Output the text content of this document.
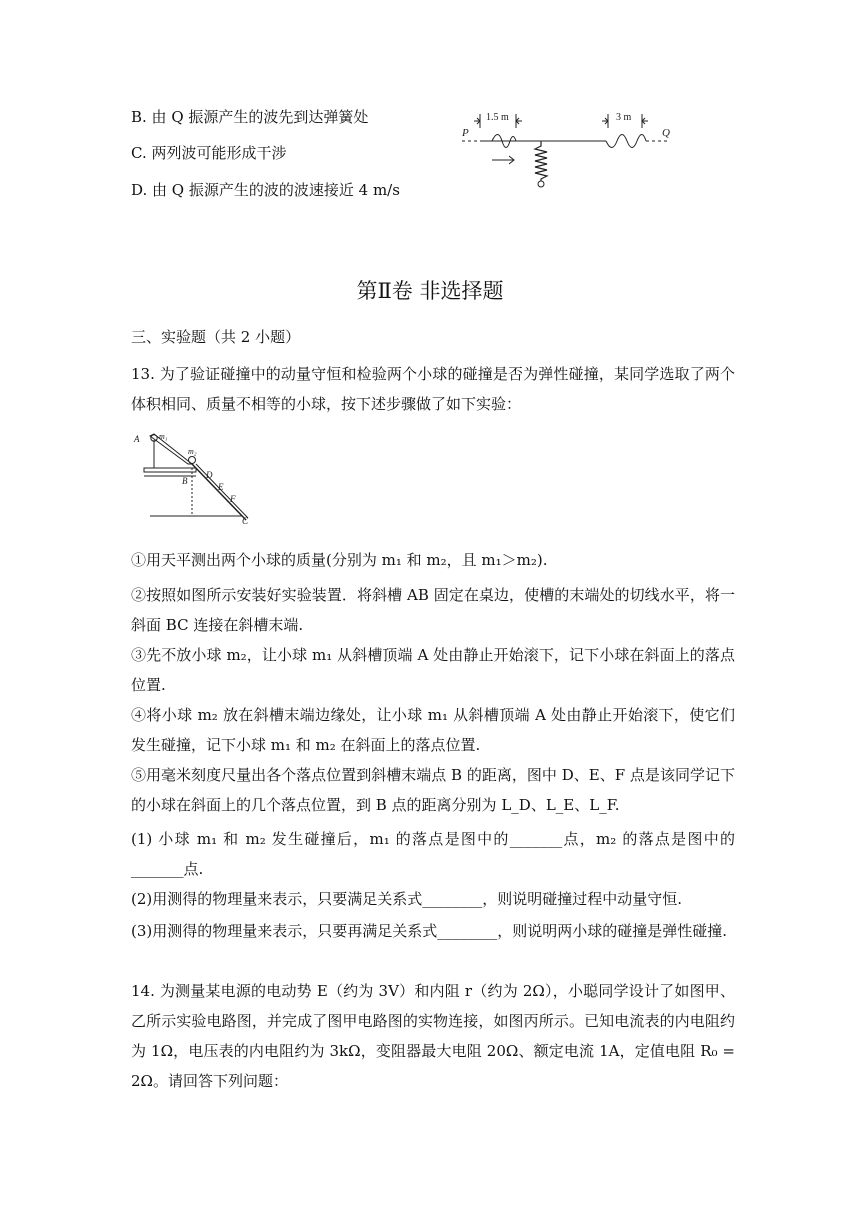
B. 由 Q 振源产生的波先到达弹簧处
C. 两列波可能形成干涉
D. 由 Q 振源产生的波的波速接近 4 m/s
1.5 m	3 m
P	Q
第Ⅱ卷 非选择题
三、实验题（共 2 小题）
13. 为了验证碰撞中的动量守恒和检验两个小球的碰撞是否为弹性碰撞，某同学选取了两个体积相同、质量不相等的小球，按下述步骤做了如下实验：
A m₁
m₂
B
D
E
F
C
①用天平测出两个小球的质量(分别为 m₁ 和 m₂，且 m₁＞m₂).
②按照如图所示安装好实验装置．将斜槽 AB 固定在桌边，使槽的末端处的切线水平，将一斜面 BC 连接在斜槽末端.
③先不放小球 m₂，让小球 m₁ 从斜槽顶端 A 处由静止开始滚下，记下小球在斜面上的落点位置.
④将小球 m₂ 放在斜槽末端边缘处，让小球 m₁ 从斜槽顶端 A 处由静止开始滚下，使它们发生碰撞，记下小球 m₁ 和 m₂ 在斜面上的落点位置.
⑤用毫米刻度尺量出各个落点位置到斜槽末端点 B 的距离，图中 D、E、F 点是该同学记下的小球在斜面上的几个落点位置，到 B 点的距离分别为 L_D、L_E、L_F.
(1) 小球 m₁ 和 m₂ 发生碰撞后，m₁ 的落点是图中的_______点，m₂ 的落点是图中的_______点.
(2)用测得的物理量来表示，只要满足关系式________，则说明碰撞过程中动量守恒.
(3)用测得的物理量来表示，只要再满足关系式________，则说明两小球的碰撞是弹性碰撞.
14. 为测量某电源的电动势 E（约为 3V）和内阻 r（约为 2Ω），小聪同学设计了如图甲、乙所示实验电路图，并完成了图甲电路图的实物连接，如图丙所示。已知电流表的内电阻约为 1Ω，电压表的内电阻约为 3kΩ，变阻器最大电阻 20Ω、额定电流 1A，定值电阻 R₀ = 2Ω。请回答下列问题：
